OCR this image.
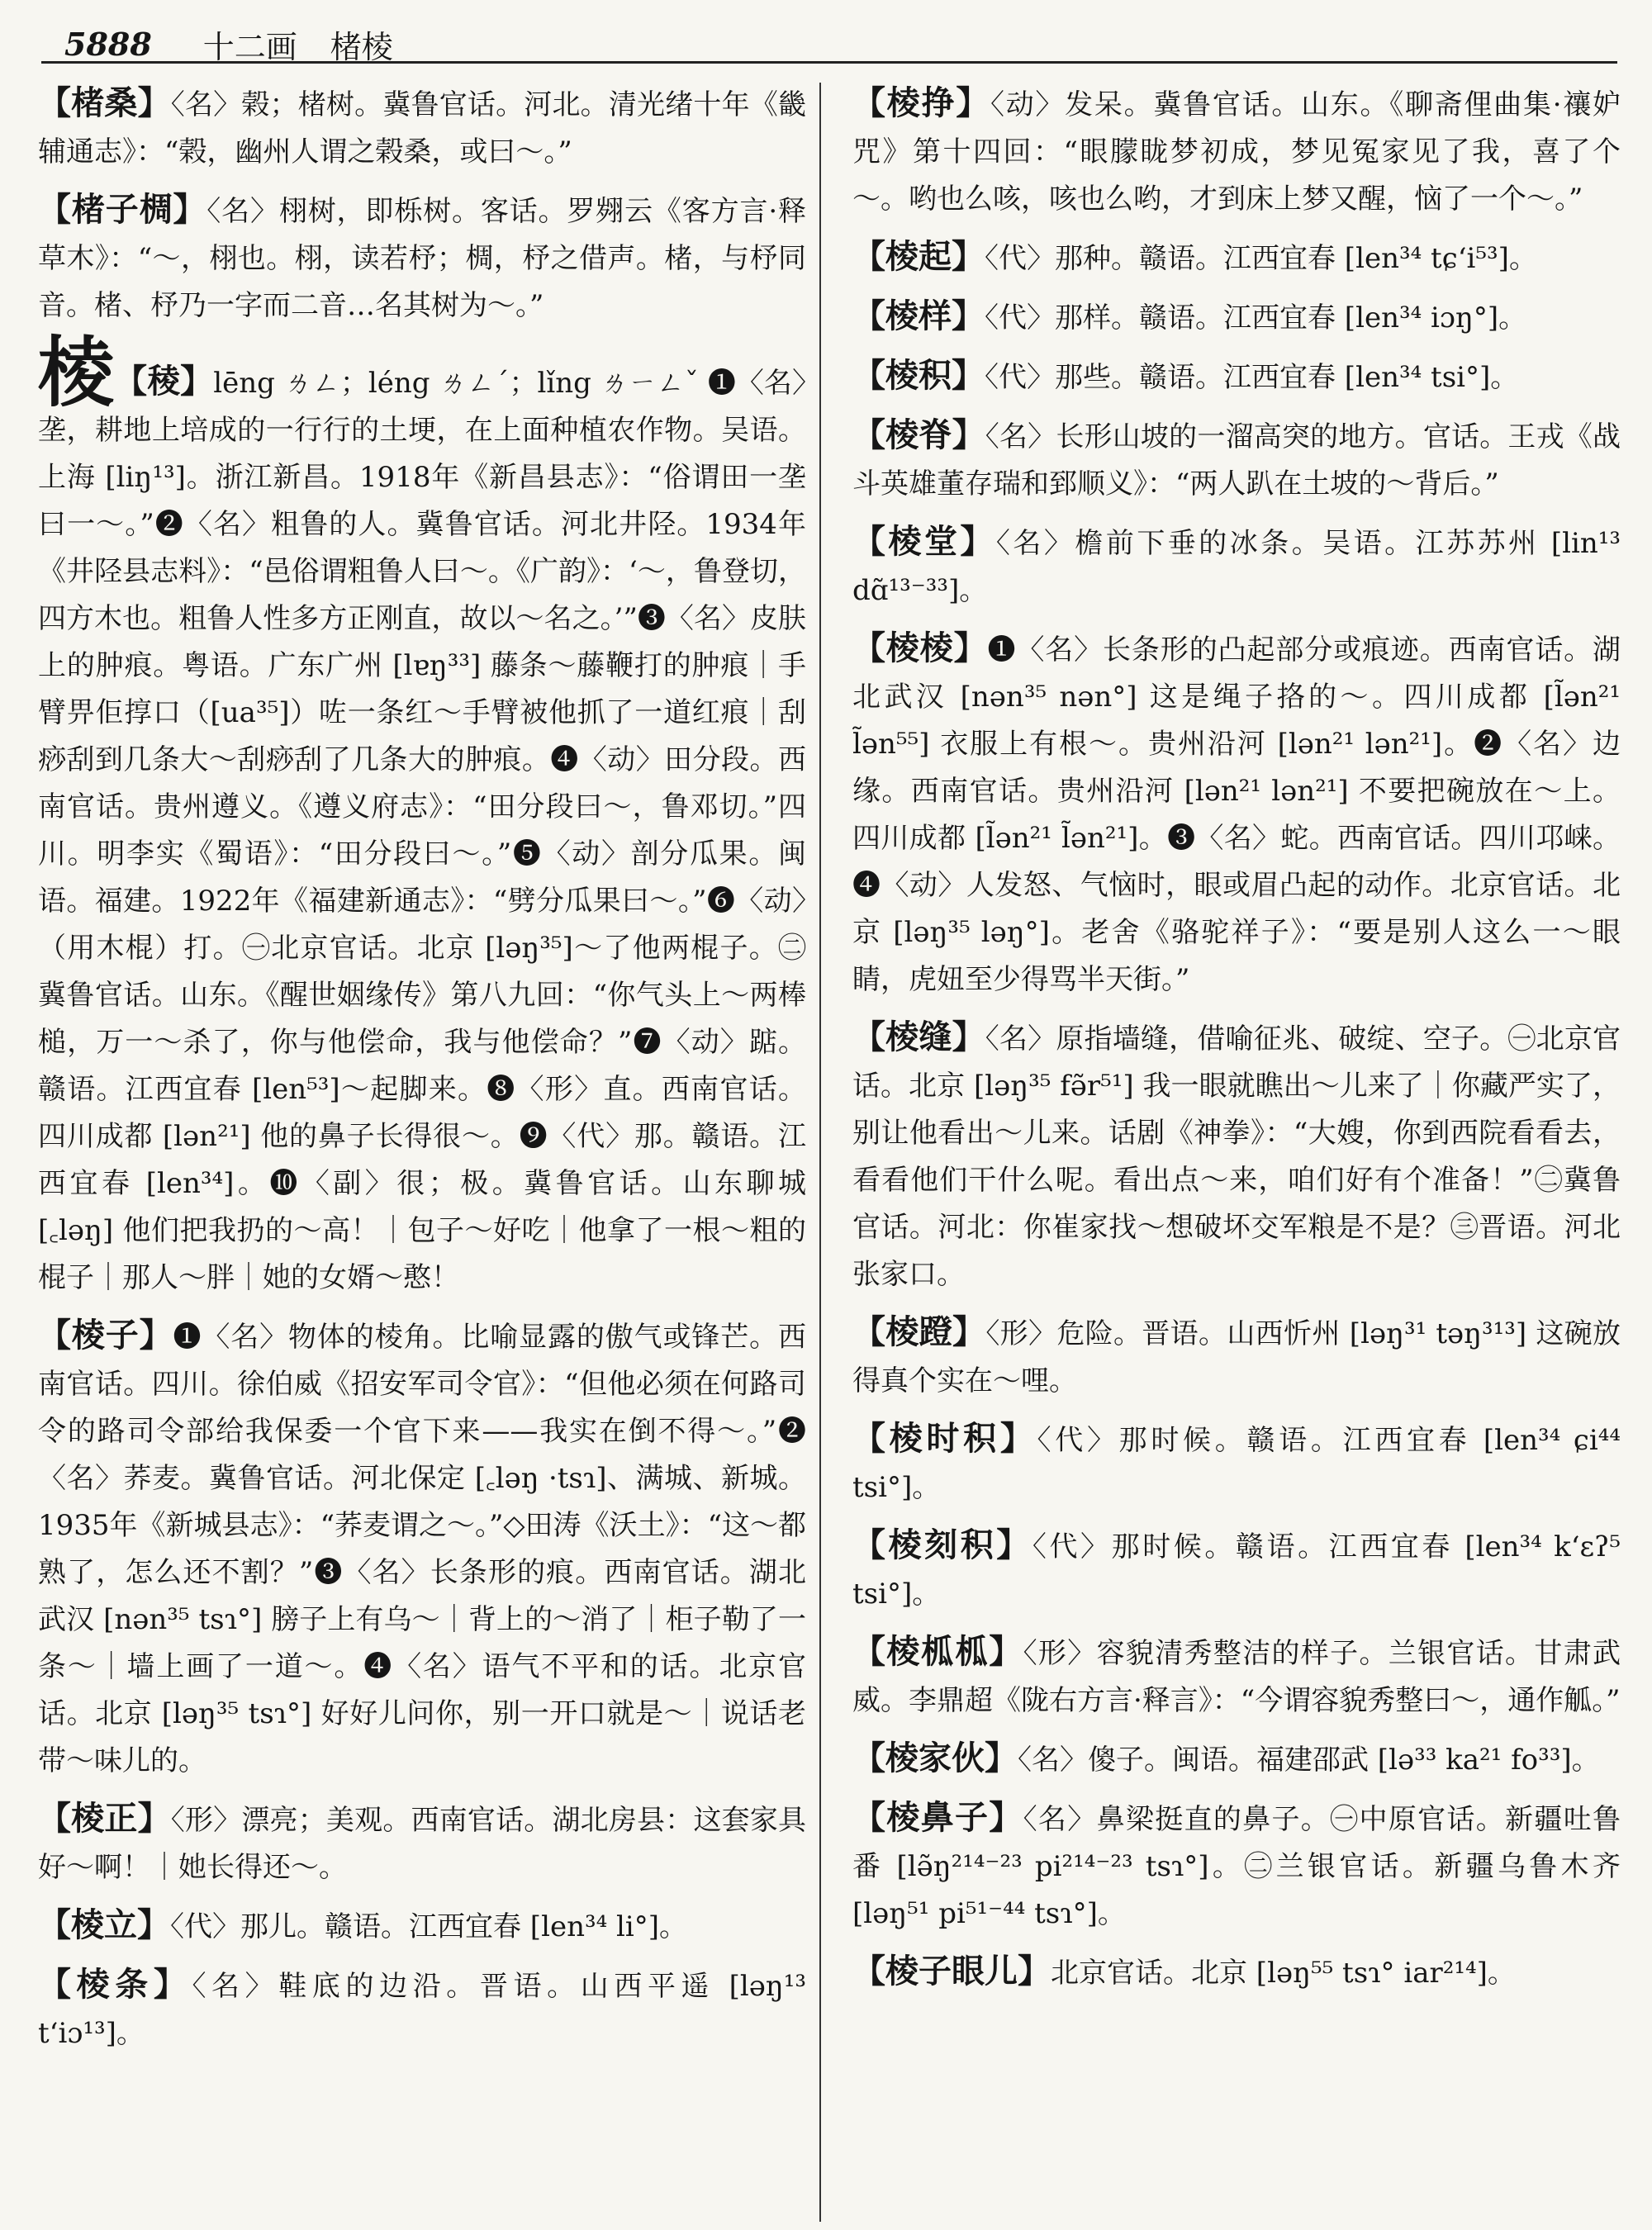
5888 十二画 楮棱

【楮桑】〈名〉榖；楮树。冀鲁官话。河北。清光绪十年《畿辅通志》：“榖，幽州人谓之榖桑，或曰～。”

【楮子椆】〈名〉栩树，即栎树。客话。罗翙云《客方言·释草木》：“～，栩也。栩，读若杼；椆，杼之借声。楮，与杼同音。楮、杼乃一字而二音…名其树为～。”

棱【稜】lēng ㄌㄥ；léng ㄌㄥˊ；lǐng ㄌㄧㄥˇ ❶〈名〉垄，耕地上培成的一行行的土埂，在上面种植农作物。吴语。上海 [liŋ¹³]。浙江新昌。1918年《新昌县志》：“俗谓田一垄曰一～。”❷〈名〉粗鲁的人。冀鲁官话。河北井陉。1934年《井陉县志料》：“邑俗谓粗鲁人曰～。《广韵》：‘～，鲁登切，四方木也。粗鲁人性多方正刚直，故以～名之。’”❸〈名〉皮肤上的肿痕。粤语。广东广州 [lɐŋ³³] 藤条～藤鞭打的肿痕｜手臂畀佢㨃口（[ua³⁵]）咗一条红～手臂被他抓了一道红痕｜刮痧刮到几条大～刮痧刮了几条大的肿痕。❹〈动〉田分段。西南官话。贵州遵义。《遵义府志》：“田分段曰～，鲁邓切。”四川。明李实《蜀语》：“田分段曰～。”❺〈动〉剖分瓜果。闽语。福建。1922年《福建新通志》：“劈分瓜果曰～。”❻〈动〉（用木棍）打。㊀北京官话。北京 [ləŋ³⁵]～了他两棍子。㊁冀鲁官话。山东。《醒世姻缘传》第八九回：“你气头上～两棒槌，万一～杀了，你与他偿命，我与他偿命？”❼〈动〉踮。赣语。江西宜春 [len⁵³]～起脚来。❽〈形〉直。西南官话。四川成都 [lən²¹] 他的鼻子长得很～。❾〈代〉那。赣语。江西宜春 [len³⁴]。❿〈副〉很；极。冀鲁官话。山东聊城 [꜀ləŋ] 他们把我扔的～高！｜包子～好吃｜他拿了一根～粗的棍子｜那人～胖｜她的女婿～憨！

【棱子】❶〈名〉物体的棱角。比喻显露的傲气或锋芒。西南官话。四川。徐伯威《招安军司令官》：“但他必须在何路司令的路司令部给我保委一个官下来——我实在倒不得～。”❷〈名〉荞麦。冀鲁官话。河北保定 [꜀ləŋ ·tsɿ]、满城、新城。1935年《新城县志》：“荞麦谓之～。”◇田涛《沃土》：“这～都熟了，怎么还不割？”❸〈名〉长条形的痕。西南官话。湖北武汉 [nən³⁵ tsɿ°] 膀子上有乌～｜背上的～消了｜柜子勒了一条～｜墙上画了一道～。❹〈名〉语气不平和的话。北京官话。北京 [ləŋ³⁵ tsɿ°] 好好儿问你，别一开口就是～｜说话老带～味儿的。

【棱正】〈形〉漂亮；美观。西南官话。湖北房县：这套家具好～啊！｜她长得还～。

【棱立】〈代〉那儿。赣语。江西宜春 [len³⁴ li°]。

【棱条】〈名〉鞋底的边沿。晋语。山西平遥 [ləŋ¹³ t‘iɔ¹³]。

【棱挣】〈动〉发呆。冀鲁官话。山东。《聊斋俚曲集·禳妒咒》第十四回：“眼朦眬梦初成，梦见冤家见了我，喜了个～。哟也么咳，咳也么哟，才到床上梦又醒，恼了一个～。”

【棱起】〈代〉那种。赣语。江西宜春 [len³⁴ tɕ‘i⁵³]。

【棱样】〈代〉那样。赣语。江西宜春 [len³⁴ iɔŋ°]。

【棱积】〈代〉那些。赣语。江西宜春 [len³⁴ tsi°]。

【棱脊】〈名〉长形山坡的一溜高突的地方。官话。王戎《战斗英雄董存瑞和郅顺义》：“两人趴在土坡的～背后。”

【棱堂】〈名〉檐前下垂的冰条。吴语。江苏苏州 [lin¹³ dɑ̃¹³⁻³³]。

【棱棱】❶〈名〉长条形的凸起部分或痕迹。西南官话。湖北武汉 [nən³⁵ nən°] 这是绳子挌的～。四川成都 [l̃ən²¹ l̃ən⁵⁵] 衣服上有根～。贵州沿河 [lən²¹ lən²¹]。❷〈名〉边缘。西南官话。贵州沿河 [lən²¹ lən²¹] 不要把碗放在～上。四川成都 [l̃ən²¹ l̃ən²¹]。❸〈名〉蛇。西南官话。四川邛崃。❹〈动〉人发怒、气恼时，眼或眉凸起的动作。北京官话。北京 [ləŋ³⁵ ləŋ°]。老舍《骆驼祥子》：“要是别人这么一～眼睛，虎妞至少得骂半天街。”

【棱缝】〈名〉原指墙缝，借喻征兆、破绽、空子。㊀北京官话。北京 [ləŋ³⁵ fə̃r⁵¹] 我一眼就瞧出～儿来了｜你藏严实了，别让他看出～儿来。话剧《神拳》：“大嫂，你到西院看看去，看看他们干什么呢。看出点～来，咱们好有个准备！”㊁冀鲁官话。河北：你崔家找～想破坏交军粮是不是？㊂晋语。河北张家口。

【棱蹬】〈形〉危险。晋语。山西忻州 [ləŋ³¹ təŋ³¹³] 这碗放得真个实在～哩。

【棱时积】〈代〉那时候。赣语。江西宜春 [len³⁴ ɕi⁴⁴ tsi°]。

【棱刻积】〈代〉那时候。赣语。江西宜春 [len³⁴ k‘ɛʔ⁵ tsi°]。

【棱柧柧】〈形〉容貌清秀整洁的样子。兰银官话。甘肃武威。李鼎超《陇右方言·释言》：“今谓容貌秀整曰～，通作觚。”

【棱家伙】〈名〉傻子。闽语。福建邵武 [lə³³ ka²¹ fo³³]。

【棱鼻子】〈名〉鼻梁挺直的鼻子。㊀中原官话。新疆吐鲁番 [lə̃ŋ²¹⁴⁻²³ pi²¹⁴⁻²³ tsɿ°]。㊁兰银官话。新疆乌鲁木齐 [ləŋ⁵¹ pi⁵¹⁻⁴⁴ tsɿ°]。

【棱子眼儿】北京官话。北京 [ləŋ⁵⁵ tsɿ° iar²¹⁴]。
